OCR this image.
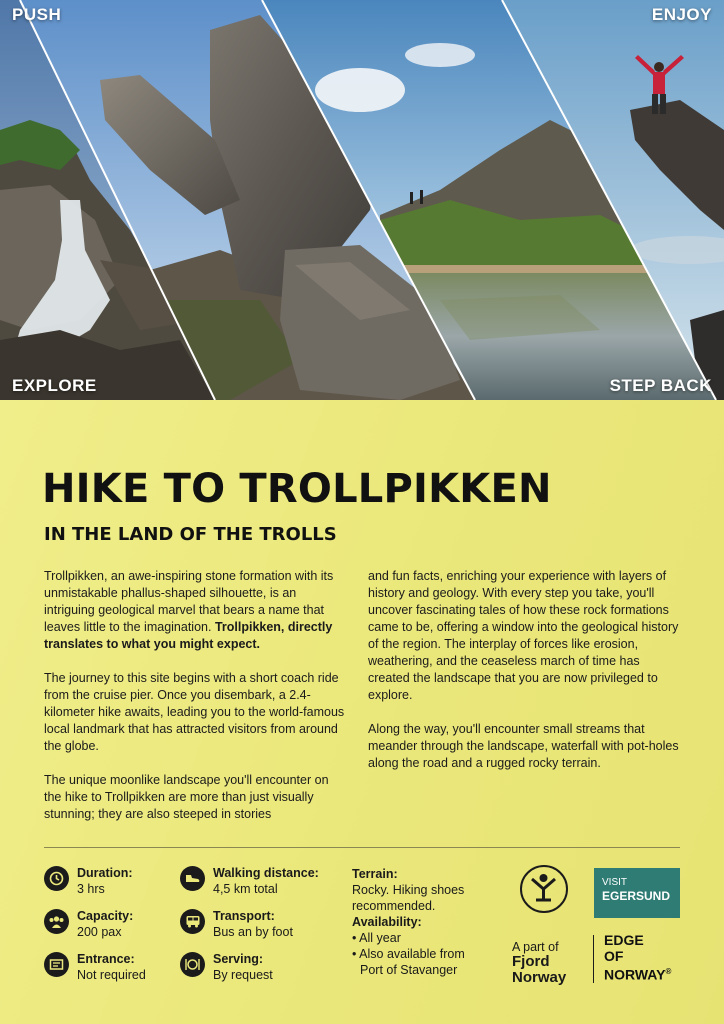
PUSH	ENJOY
EXPLORE	STEP BACK
HIKE TO TROLLPIKKEN
IN THE LAND OF THE TROLLS

Trollpikken, an awe-inspiring stone formation with its unmistakable phallus-shaped silhouette, is an intriguing geological marvel that bears a name that leaves little to the imagination. Trollpikken, directly translates to what you might expect.

The journey to this site begins with a short coach ride from the cruise pier. Once you disembark, a 2.4-kilometer hike awaits, leading you to the world-famous local landmark that has attracted visitors from around the globe.

The unique moonlike landscape you'll encounter on the hike to Trollpikken are more than just visually stunning; they are also steeped in stories

and fun facts, enriching your experience with layers of history and geology. With every step you take, you'll uncover fascinating tales of how these rock formations came to be, offering a window into the geological history of the region. The interplay of forces like erosion, weathering, and the ceaseless march of time has created the landscape that you are now privileged to explore.

Along the way, you'll encounter small streams that meander through the landscape, waterfall with pot-holes along the road and a rugged rocky terrain.

Duration:
3 hrs
Capacity:
200 pax
Entrance:
Not required
Walking distance:
4,5 km total
Transport:
Bus an by foot
Serving:
By request
Terrain:
Rocky. Hiking shoes recommended.
Availability:
• All year
• Also available from
Port of Stavanger
A part of
Fjord
Norway
VISIT
EGERSUND
EDGE
OF
NORWAY®
